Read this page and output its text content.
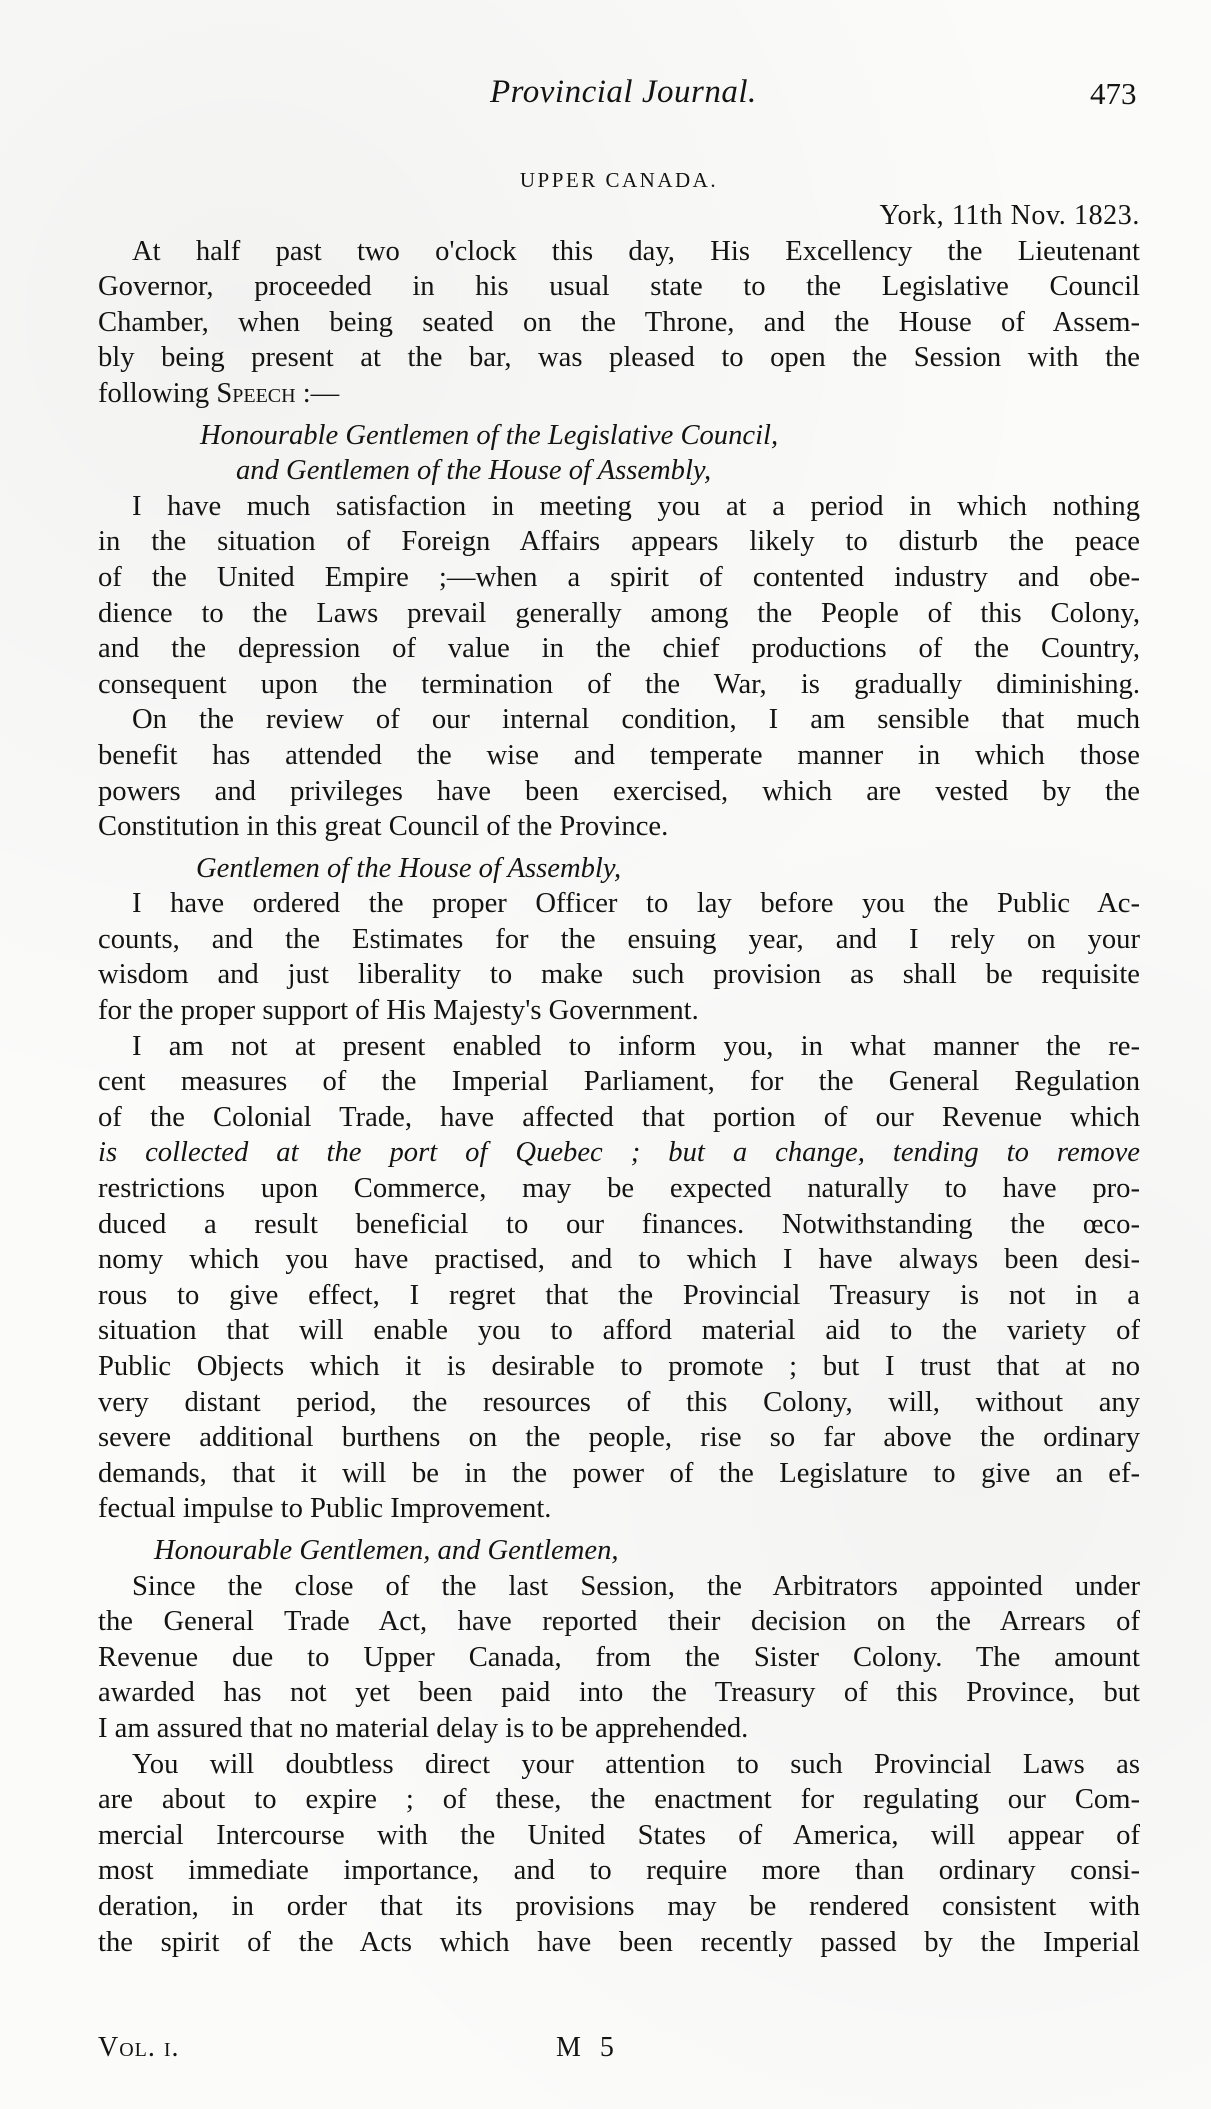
Provincial Journal.	473
UPPER CANADA.
York, 11th Nov. 1823.
At half past two o'clock this day, His Excellency the Lieutenant
Governor, proceeded in his usual state to the Legislative Council
Chamber, when being seated on the Throne, and the House of Assem-
bly being present at the bar, was pleased to open the Session with the
following Speech :—
Honourable Gentlemen of the Legislative Council,
and Gentlemen of the House of Assembly,
I have much satisfaction in meeting you at a period in which nothing
in the situation of Foreign Affairs appears likely to disturb the peace
of the United Empire ;—when a spirit of contented industry and obe-
dience to the Laws prevail generally among the People of this Colony,
and the depression of value in the chief productions of the Country,
consequent upon the termination of the War, is gradually diminishing.
On the review of our internal condition, I am sensible that much
benefit has attended the wise and temperate manner in which those
powers and privileges have been exercised, which are vested by the
Constitution in this great Council of the Province.
Gentlemen of the House of Assembly,
I have ordered the proper Officer to lay before you the Public Ac-
counts, and the Estimates for the ensuing year, and I rely on your
wisdom and just liberality to make such provision as shall be requisite
for the proper support of His Majesty's Government.
I am not at present enabled to inform you, in what manner the re-
cent measures of the Imperial Parliament, for the General Regulation
of the Colonial Trade, have affected that portion of our Revenue which
is collected at the port of Quebec ; but a change, tending to remove
restrictions upon Commerce, may be expected naturally to have pro-
duced a result beneficial to our finances. Notwithstanding the œco-
nomy which you have practised, and to which I have always been desi-
rous to give effect, I regret that the Provincial Treasury is not in a
situation that will enable you to afford material aid to the variety of
Public Objects which it is desirable to promote ; but I trust that at no
very distant period, the resources of this Colony, will, without any
severe additional burthens on the people, rise so far above the ordinary
demands, that it will be in the power of the Legislature to give an ef-
fectual impulse to Public Improvement.
Honourable Gentlemen, and Gentlemen,
Since the close of the last Session, the Arbitrators appointed under
the General Trade Act, have reported their decision on the Arrears of
Revenue due to Upper Canada, from the Sister Colony. The amount
awarded has not yet been paid into the Treasury of this Province, but
I am assured that no material delay is to be apprehended.
You will doubtless direct your attention to such Provincial Laws as
are about to expire ; of these, the enactment for regulating our Com-
mercial Intercourse with the United States of America, will appear of
most immediate importance, and to require more than ordinary consi-
deration, in order that its provisions may be rendered consistent with
the spirit of the Acts which have been recently passed by the Imperial
Vol. i.	M 5
